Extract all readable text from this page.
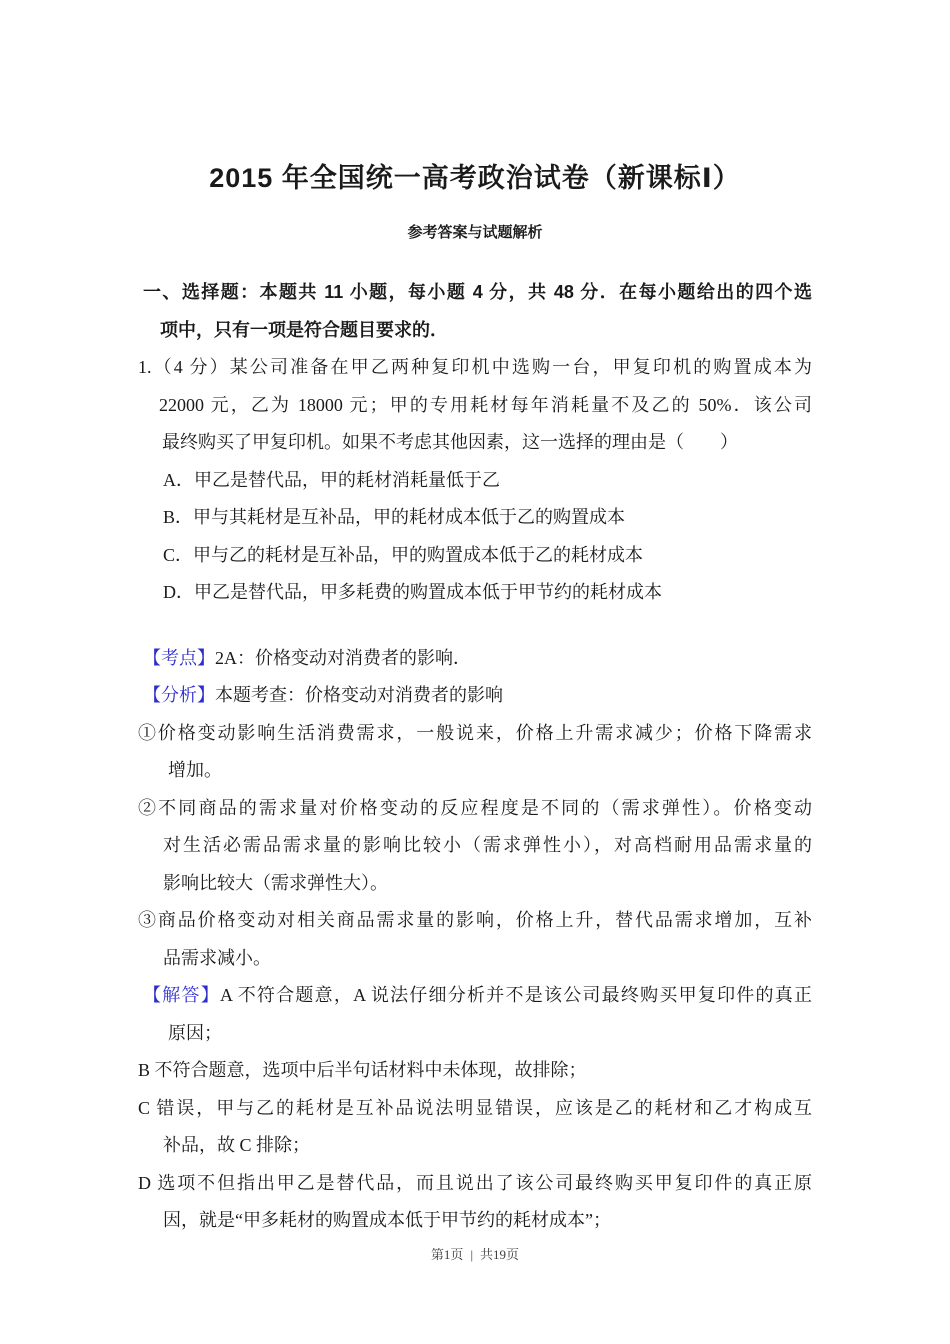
2015 年全国统一高考政治试卷（新课标Ⅰ）
参考答案与试题解析
一、选择题：本题共 11 小题，每小题 4 分，共 48 分．在每小题给出的四个选
项中，只有一项是符合题目要求的．
1.（4 分）某公司准备在甲乙两种复印机中选购一台，甲复印机的购置成本为
22000 元，乙为 18000 元；甲的专用耗材每年消耗量不及乙的 50%．该公司
最终购买了甲复印机。如果不考虑其他因素，这一选择的理由是（　　）
A．甲乙是替代品，甲的耗材消耗量低于乙
B．甲与其耗材是互补品，甲的耗材成本低于乙的购置成本
C．甲与乙的耗材是互补品，甲的购置成本低于乙的耗材成本
D．甲乙是替代品，甲多耗费的购置成本低于甲节约的耗材成本
【考点】2A：价格变动对消费者的影响．
【分析】本题考查：价格变动对消费者的影响
①价格变动影响生活消费需求，一般说来，价格上升需求减少；价格下降需求
增加。
②不同商品的需求量对价格变动的反应程度是不同的（需求弹性）。价格变动
对生活必需品需求量的影响比较小（需求弹性小），对高档耐用品需求量的
影响比较大（需求弹性大）。
③商品价格变动对相关商品需求量的影响，价格上升，替代品需求增加，互补
品需求减小。
【解答】A 不符合题意，A 说法仔细分析并不是该公司最终购买甲复印件的真正
原因；
B 不符合题意，选项中后半句话材料中未体现，故排除；
C 错误，甲与乙的耗材是互补品说法明显错误，应该是乙的耗材和乙才构成互
补品，故 C 排除；
D 选项不但指出甲乙是替代品，而且说出了该公司最终购买甲复印件的真正原
因，就是“甲多耗材的购置成本低于甲节约的耗材成本”；
第1页 | 共19页
